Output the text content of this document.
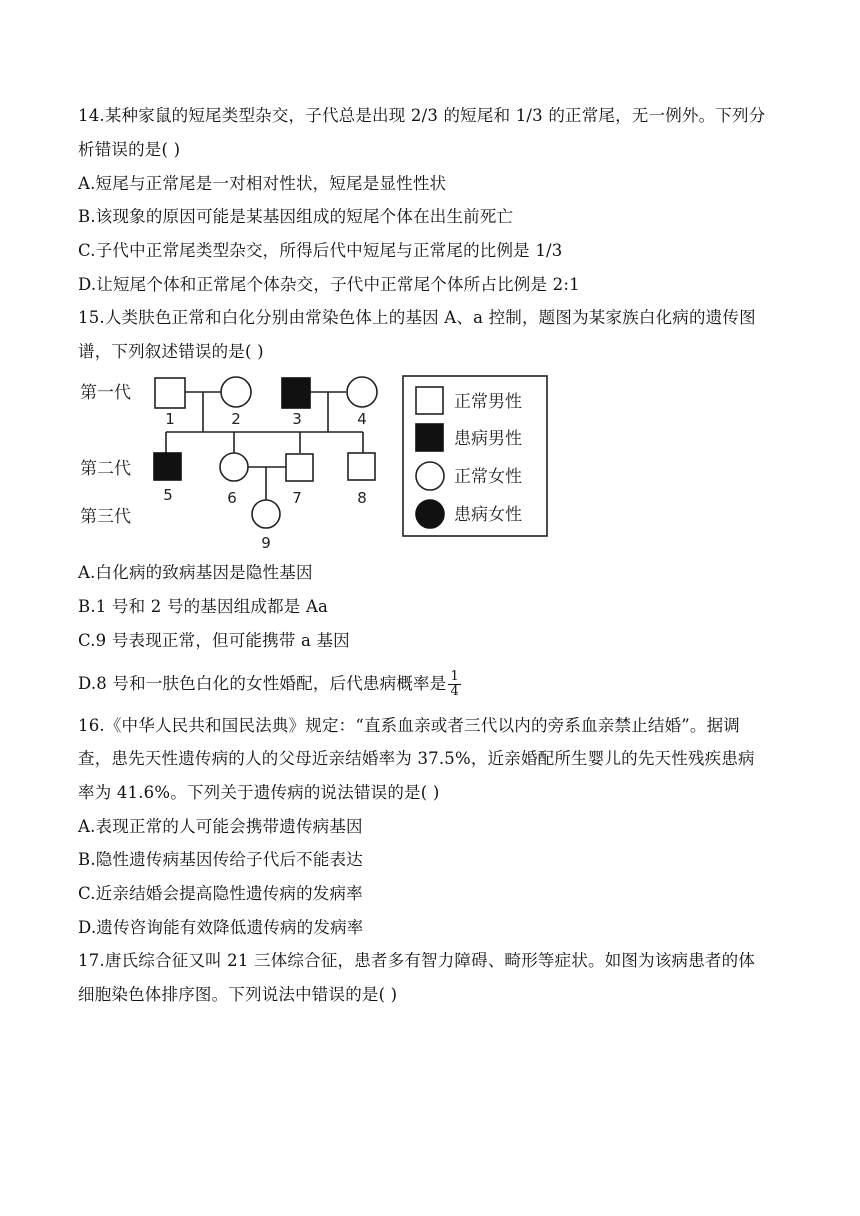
14.某种家鼠的短尾类型杂交，子代总是出现 2/3 的短尾和 1/3 的正常尾，无一例外。下列分
析错误的是( )
A.短尾与正常尾是一对相对性状，短尾是显性性状
B.该现象的原因可能是某基因组成的短尾个体在出生前死亡
C.子代中正常尾类型杂交，所得后代中短尾与正常尾的比例是 1/3
D.让短尾个体和正常尾个体杂交，子代中正常尾个体所占比例是 2:1
15.人类肤色正常和白化分别由常染色体上的基因 A、a 控制，题图为某家族白化病的遗传图
谱，下列叙述错误的是( )
第一代
第二代
第三代
1	2	3	4
5	6	7	8
9
正常男性
患病男性
正常女性
患病女性
A.白化病的致病基因是隐性基因
B.1 号和 2 号的基因组成都是 Aa
C.9 号表现正常，但可能携带 a 基因
D.8 号和一肤色白化的女性婚配，后代患病概率是 $\frac{1}{4}$
16.《中华人民共和国民法典》规定：“直系血亲或者三代以内的旁系血亲禁止结婚”。据调
查，患先天性遗传病的人的父母近亲结婚率为 37.5%，近亲婚配所生婴儿的先天性残疾患病
率为 41.6%。下列关于遗传病的说法错误的是( )
A.表现正常的人可能会携带遗传病基因
B.隐性遗传病基因传给子代后不能表达
C.近亲结婚会提高隐性遗传病的发病率
D.遗传咨询能有效降低遗传病的发病率
17.唐氏综合征又叫 21 三体综合征，患者多有智力障碍、畸形等症状。如图为该病患者的体
细胞染色体排序图。下列说法中错误的是( )
